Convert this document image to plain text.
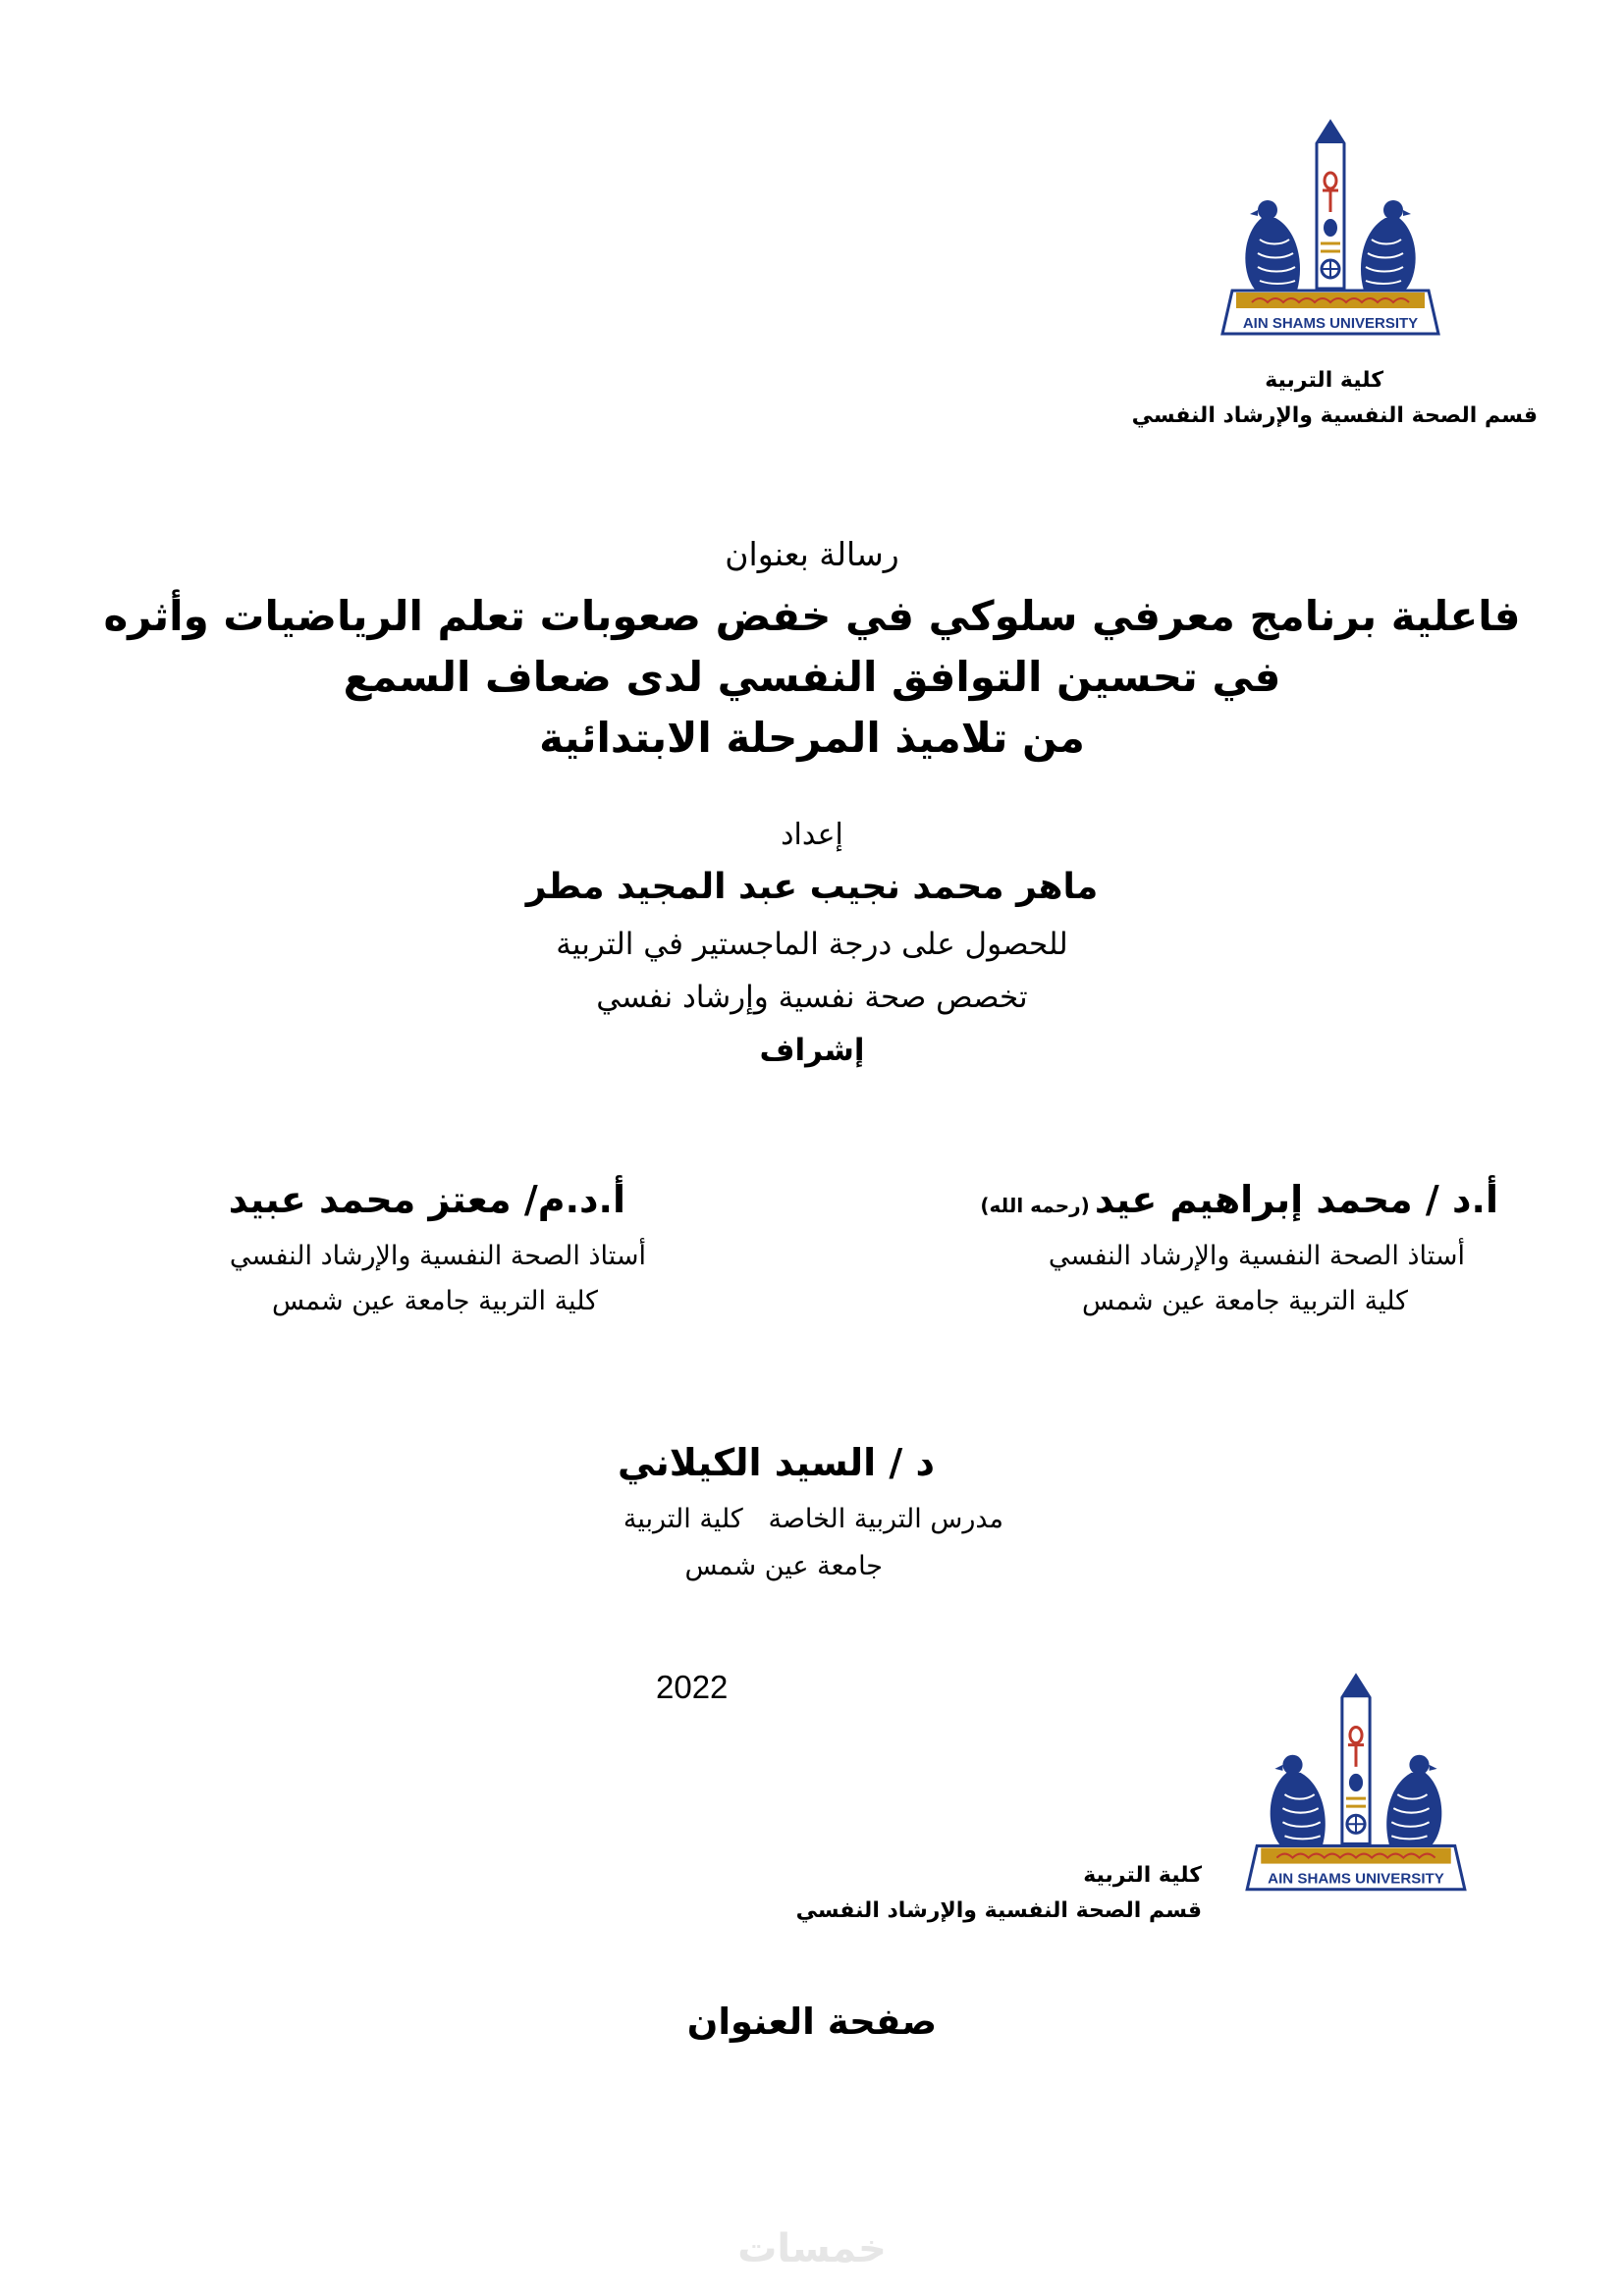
AIN SHAMS UNIVERSITY
كلية التربية
قسم الصحة النفسية والإرشاد النفسي
رسالة بعنوان
فاعلية برنامج معرفي سلوكي في خفض صعوبات تعلم الرياضيات وأثره
في تحسين التوافق النفسي لدى ضعاف السمع
من تلاميذ المرحلة الابتدائية
إعداد
ماهر محمد نجيب عبد المجيد مطر
للحصول على درجة الماجستير في التربية
تخصص صحة نفسية وإرشاد نفسي
إشراف
أ.د / محمد إبراهيم عيد (رحمه الله)
أستاذ الصحة النفسية والإرشاد النفسي
كلية التربية جامعة عين شمس
أ.د.م/ معتز محمد عبيد
أستاذ الصحة النفسية والإرشاد النفسي
كلية التربية جامعة عين شمس
د / السيد الكيلاني
مدرس التربية الخاصة   كلية التربية
جامعة عين شمس
2022
AIN SHAMS UNIVERSITY
كلية التربية
قسم الصحة النفسية والإرشاد النفسي
صفحة العنوان
خمسات
